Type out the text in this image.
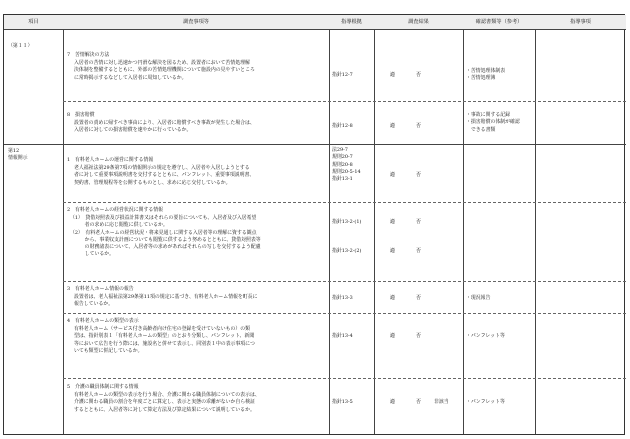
項目	調査事項等	指導根拠	調査結果	確認書類等（参考）	指導事項
（第１１）
第12
情報開示
7　苦情解決の方法
入居者の苦情に対し迅速かつ円滑な解決を図るため、設置者において苦情処理解
決体制を整備するとともに、外部の苦情処理機関について施設内の見やすいところ
に常時掲示するなどして入居者に周知しているか。	指針12-7	適	否
・苦情処理体制表
・苦情処理簿
8　損害賠償
設置者の責めに帰すべき事由により、入居者に賠償すべき事故が発生した場合は、
入居者に対しての損害賠償を速やかに行っているか。
指針12-8	適	否
・事故に関する記録
・損害賠償の体制が確認
　できる書類
1　有料老人ホームの運営に関する情報
老人福祉法第29条第7項の情報開示の規定を遵守し、入居者や入居しようとする
者に対して重要事項説明書を交付するとともに、パンフレット、重要事項説明書、
契約書、管理規程等を公開するものとし、求めに応じ交付しているか。
法29-7
規則20-7
規則20-8
規則20-5-14
指針13-1
適	否
2　有料老人ホームの経営状況に関する情報
（1）　貸借対照表及び損益計算書又はそれらの要旨についても、入居者及び入居希望
　　　者の求めに応じ閲覧に供しているか。
（2）　有料老人ホームの経営状況・将来見通しに関する入居者等の理解に資する観点
　　　から、事業収支計画についても閲覧に供するよう努めるとともに、貸借対照表等
　　　の財務諸表について、入居者等の求めがあればそれらの写しを交付するよう配慮
　　　しているか。
指針13-2-(1)	適	否
指針13-2-(2)	適	否
3　有料老人ホーム情報の報告
設置者は、老人福祉法第29条第11項の規定に基づき、有料老人ホーム情報を町長に
報告しているか。
指針13-3	適	否	・現況報告
4　有料老人ホームの類型の表示
有料老人ホーム（サービス付き高齢者向け住宅の登録を受けていないもの）の類
型は、指針別表１「有料老人ホームの類型」のとおり分類し、パンフレット、新聞
等において広告を行う際には、施設名と併せて表示し、同別表１中の表示事項につ
いても類型に併記しているか。
指針13-4	適	否	・パンフレット等
5　介護の職員体制に関する情報
有料老人ホームの類型の表示を行う場合、介護に関わる職員体制についての表示は、
介護に関わる職員の割合を年度ごとに算定し、表示と実態の乖離がないか自ら検証
するとともに、入居者等に対して算定方法及び算定結果について説明しているか。
指針13-5	適	否	非該当	・パンフレット等
